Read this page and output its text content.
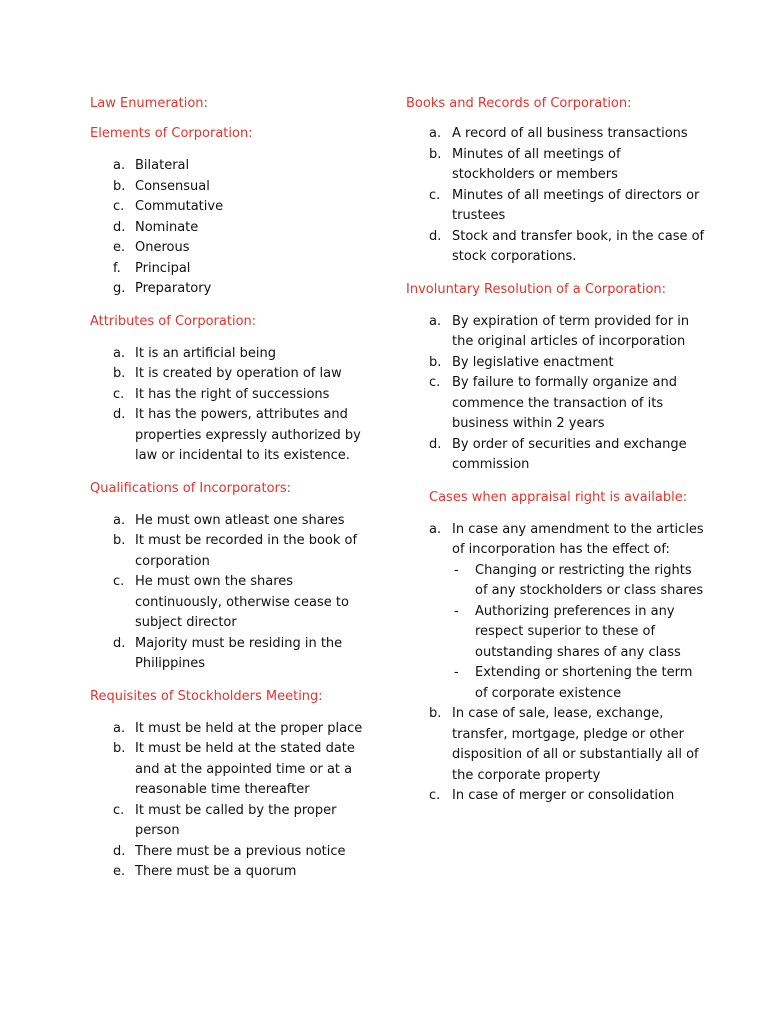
Law Enumeration:
Elements of Corporation:
a. Bilateral
b. Consensual
c. Commutative
d. Nominate
e. Onerous
f. Principal
g. Preparatory
Attributes of Corporation:
a. It is an artificial being
b. It is created by operation of law
c. It has the right of successions
d. It has the powers, attributes and properties expressly authorized by law or incidental to its existence.
Qualifications of Incorporators:
a. He must own atleast one shares
b. It must be recorded in the book of corporation
c. He must own the shares continuously, otherwise cease to subject director
d. Majority must be residing in the Philippines
Requisites of Stockholders Meeting:
a. It must be held at the proper place
b. It must be held at the stated date and at the appointed time or at a reasonable time thereafter
c. It must be called by the proper person
d. There must be a previous notice
e. There must be a quorum
Books and Records of Corporation:
a. A record of all business transactions
b. Minutes of all meetings of stockholders or members
c. Minutes of all meetings of directors or trustees
d. Stock and transfer book, in the case of stock corporations.
Involuntary Resolution of a Corporation:
a. By expiration of term provided for in the original articles of incorporation
b. By legislative enactment
c. By failure to formally organize and commence the transaction of its business within 2 years
d. By order of securities and exchange commission
Cases when appraisal right is available:
a. In case any amendment to the articles of incorporation has the effect of:
- Changing or restricting the rights of any stockholders or class shares
- Authorizing preferences in any respect superior to these of outstanding shares of any class
- Extending or shortening the term of corporate existence
b. In case of sale, lease, exchange, transfer, mortgage, pledge or other disposition of all or substantially all of the corporate property
c. In case of merger or consolidation
